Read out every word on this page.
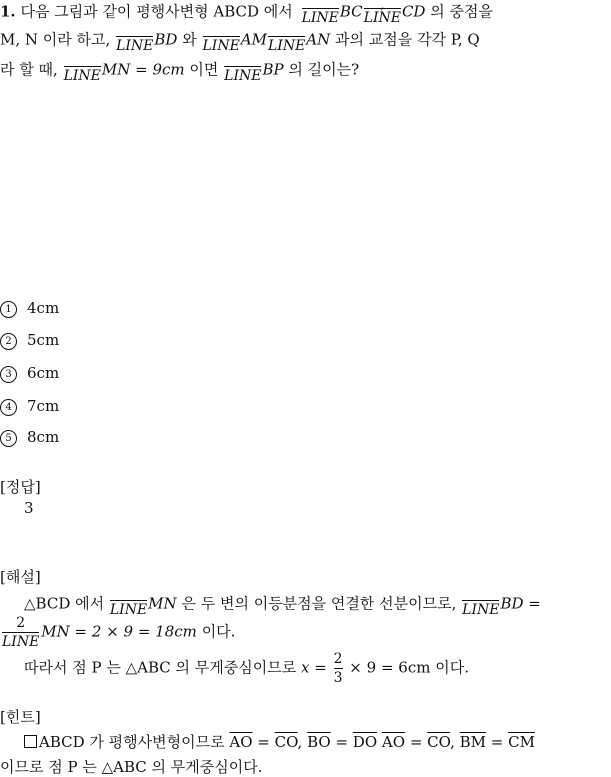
1. 다음 그림과 같이 평행사변형 ABCD 에서 LINE BC $\frac{,}{\text{LINE}}$ CD 의 중점을
M, N 이라 하고, LINE BD 와 LINE AM LINE AN 과의 교점을 각각 P, Q
라 할 때, LINE MN = 9cm 이면 LINE BP 의 길이는?
1 4cm
2 5cm
3 6cm
4 7cm
5 8cm
[정답]
3
[해설]
△BCD 에서 LINE MN 은 두 변의 이등분점을 연결한 선분이므로, LINE BD =
2
LINE
MN = 2 × 9 = 18cm 이다.
따라서 점 P 는 △ABC 의 무게중심이므로 $x = \frac{2}{3} \times 9 = 6cm$ 이다.
[힌트]
ABCD 가 평행사변형이므로 $\overline{AO} = \overline{CO}$, $\overline{BO} = \overline{DO}$ $\overline{AO} = \overline{CO}$, $\overline{BM} = \overline{CM}$
이므로 점 P 는 △ABC 의 무게중심이다.
